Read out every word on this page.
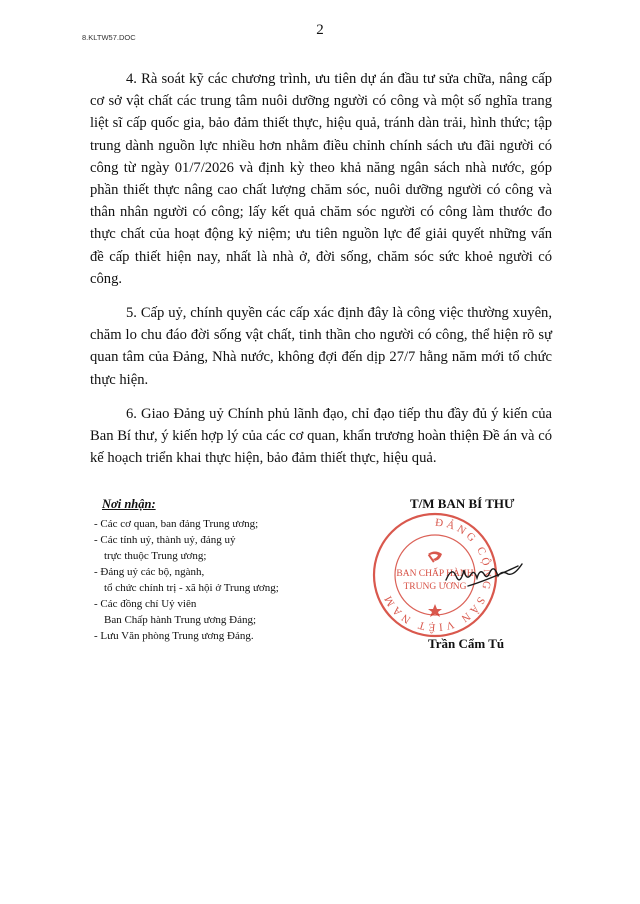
8.KLTW57.DOC	2

4. Rà soát kỹ các chương trình, ưu tiên dự án đầu tư sửa chữa, nâng cấp cơ sở vật chất các trung tâm nuôi dưỡng người có công và một số nghĩa trang liệt sĩ cấp quốc gia, bảo đảm thiết thực, hiệu quả, tránh dàn trải, hình thức; tập trung dành nguồn lực nhiều hơn nhằm điều chỉnh chính sách ưu đãi người có công từ ngày 01/7/2026 và định kỳ theo khả năng ngân sách nhà nước, góp phần thiết thực nâng cao chất lượng chăm sóc, nuôi dưỡng người có công và thân nhân người có công; lấy kết quả chăm sóc người có công làm thước đo thực chất của hoạt động kỷ niệm; ưu tiên nguồn lực để giải quyết những vấn đề cấp thiết hiện nay, nhất là nhà ở, đời sống, chăm sóc sức khoẻ người có công.

5. Cấp uỷ, chính quyền các cấp xác định đây là công việc thường xuyên, chăm lo chu đáo đời sống vật chất, tinh thần cho người có công, thể hiện rõ sự quan tâm của Đảng, Nhà nước, không đợi đến dịp 27/7 hằng năm mới tổ chức thực hiện.

6. Giao Đảng uỷ Chính phủ lãnh đạo, chỉ đạo tiếp thu đầy đủ ý kiến của Ban Bí thư, ý kiến hợp lý của các cơ quan, khẩn trương hoàn thiện Đề án và có kế hoạch triển khai thực hiện, bảo đảm thiết thực, hiệu quả.

Nơi nhận:
- Các cơ quan, ban đảng Trung ương;
- Các tỉnh uỷ, thành uỷ, đảng uỷ
trực thuộc Trung ương;
- Đảng uỷ các bộ, ngành,
tổ chức chính trị - xã hội ở Trung ương;
- Các đồng chí Uỷ viên
Ban Chấp hành Trung ương Đảng;
- Lưu Văn phòng Trung ương Đảng.
T/M BAN BÍ THƯ
ĐẢNG CỘNG SẢN VIỆT NAM
BAN CHẤP HÀNH
TRUNG ƯƠNG
Trần Cẩm Tú
